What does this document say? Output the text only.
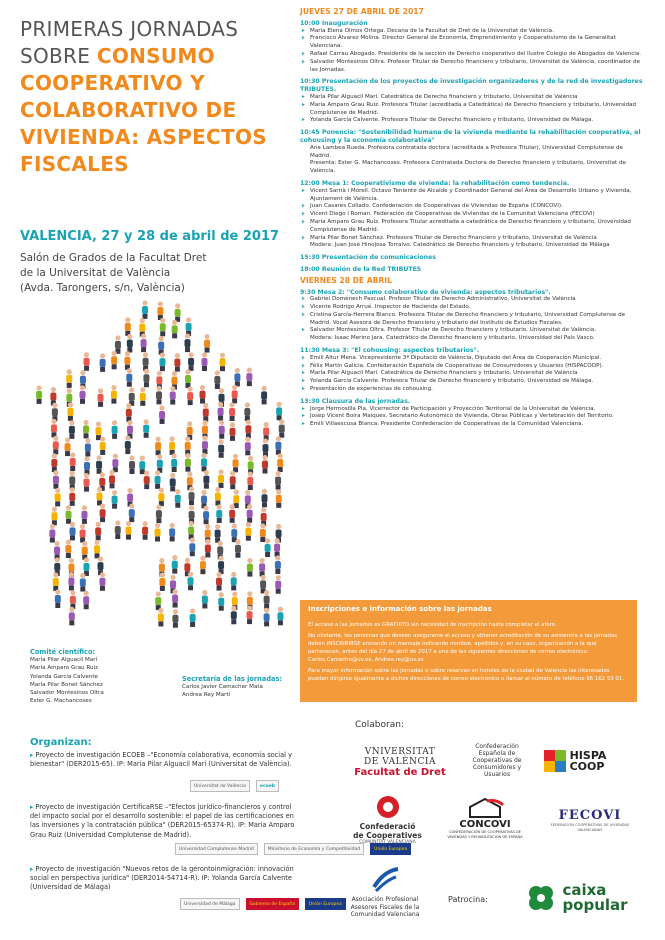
PRIMERAS JORNADAS
SOBRE CONSUMO
COOPERATIVO Y
COLABORATIVO DE
VIVIENDA: ASPECTOS
FISCALES
VALENCIA, 27 y 28 de abril de 2017
Salón de Grados de la Facultat Dret
de la Universitat de València
(Avda. Tarongers, s/n, València)
Comité científico:
María Pilar Alguacil Marí
María Amparo Grau Ruiz
Yolanda García Calvente
María Pilar Bonet Sánchez
Salvador Montesinos Oltra
Ester G. Machancoses
Secretaría de las jornadas:
Carlos Javier Camacher Mata
Andrea Rey Martí
Organizan:
▸ Proyecto de investigación ECOEB –"Economía colaborativa, economía social y bienestar" (DER2015-65). IP: María Pilar Alguacil Marí (Universitat de València).
Universitat de València	ecoeb
▸ Proyecto de investigación CertificaRSE –"Efectos jurídico-financieros y control del impacto social por el desarrollo sostenible: el papel de las certificaciones en las inversiones y la contratación pública" (DER2015-65374-R). IP: María Amparo Grau Ruiz (Universidad Complutense de Madrid).
Universidad Complutense Madrid	Ministerio de Economía y Competitividad	Unión Europea
▸ Proyecto de investigación "Nuevos retos de la gerontoinmigración: innovación social en perspectiva jurídica" (DER2014-54714-R). IP: Yolanda García Calvente (Universidad de Málaga)
Universidad de Málaga	Gobierno de España	Unión Europea
JUEVES 27 DE ABRIL DE 2017
10:00 Inauguración
▸ María Elena Olmos Ortega. Decana de la Facultat de Dret de la Universitat de València.
▸ Francisco Álvarez Molina. Director General de Economía, Emprendimiento y Cooperativismo de la Generalitat Valenciana.
▸ Rafael Carrau Abogado. Presidente de la sección de Derecho cooperativo del Ilustre Colegio de Abogados de Valencia.
▸ Salvador Montesinos Oltra. Profesor Titular de Derecho financiero y tributario, Universitat de València, coordinador de las Jornadas.
10:30 Presentación de los proyectos de investigación organizadores y de la red de investigadores TRIBUTES.
▸ María Pilar Alguacil Marí. Catedrática de Derecho financiero y tributario, Universitat de València
▸ María Amparo Grau Ruiz. Profesora Titular (acreditada a Catedrática) de Derecho financiero y tributario, Universidad Complutense de Madrid.
▸ Yolanda García Calvente. Profesora Titular de Derecho financiero y tributario, Universidad de Málaga.
10:45 Ponencia: "Sostenibilidad humana de la vivienda mediante la rehabilitación cooperativa, el cohousing y la economía colaborativa"
Ana Lambea Rueda. Profesora contratada doctora (acreditada a Profesora Titular), Universidad Complutense de Madrid.
Presenta: Ester G. Machancoses. Profesora Contratada Doctora de Derecho financiero y tributario, Universitat de València.
12:00 Mesa 1: Cooperativismo de vivienda: la rehabilitación como tendencia.
▸ Vicent Sarrià i Morell. Octavo Teniente de Alcalde y Coordinador General del Área de Desarrollo Urbano y Vivienda, Ajuntament de València.
▸ Juan Casares Collado. Confederación de Cooperativas de Viviendas de España (CONCOVI).
▸ Vicent Diego i Roman. Federación de Cooperativas de Viviendas de la Comunitat Valenciana (FECOVI)
▸ María Amparo Grau Ruiz. Profesora Titular acreditada a catedrática de Derecho financiero y tributario, Universidad Complutense de Madrid.
▸ María Pilar Bonet Sánchez. Profesora Titular de Derecho financiero y tributario, Universitat de València
Modera: Juan José Hinojosa Torralvo. Catedrático de Derecho financiero y tributario, Universidad de Málaga
15:30 Presentación de comunicaciones
18:00 Reunión de la Red TRIBUTES
VIERNES 28 DE ABRIL
9:30 Mesa 2: "Consumo colaborativo de vivienda: aspectos tributarios".
▸ Gabriel Doménech Pascual. Profesor Titular de Derecho Administrativo, Universitat de València
▸ Vicente Rodrigo Arrué. Inspector de Hacienda del Estado.
▸ Cristina García-Herrera Blanco. Profesora Titular de Derecho financiero y tributario, Universidad Complutense de Madrid. Vocal Asesora de Derecho financiero y tributario del Instituto de Estudios Fiscales.
▸ Salvador Montesinos Oltra. Profesor Titular de Derecho financiero y tributario, Universitat de València.
Modera: Isaac Merino Jara. Catedrático de Derecho financiero y tributario, Universidad del País Vasco.
11:30 Mesa 3: "El cohousing: aspectos tributarios".
▸ Emili Altur Mena. Vicepresidente 3ª Diputació de València, Diputado del Área de Cooperación Municipal.
▸ Félix Martín Galicia. Confederación Española de Cooperativas de Consumidores y Usuarios (HISPACOOP).
▸ María Pilar Alguacil Marí. Catedrática de Derecho financiero y tributario, Universitat de València
▸ Yolanda García Calvente. Profesora Titular de Derecho financiero y tributario, Universidad de Málaga.
▸ Presentación de experiencias de cohousing.
13:30 Clausura de las jornadas.
▸ Jorge Hermosilla Pla. Vicerrector de Participación y Proyección Territorial de la Universitat de València.
▸ Josep Vicent Boira Maiques. Secretario Autonómico de Vivienda, Obras Públicas y Vertebración del Territorio.
▸ Emili Villaescusa Blanca. Presidente Confederación de Cooperativas de la Comunidad Valenciana.
Inscripciones e información sobre las jornadas

El acceso a las jornadas es GRATUITO sin necesidad de inscripción hasta completar el aforo.

No obstante, las personas que deseen asegurarse el acceso y obtener acreditación de su asistencia a las jornadas deben INSCRIBIRSE enviando un mensaje indicando nombre, apellidos y, en su caso, organización a la que pertenecen, antes del día 27 de abril de 2017 a uno de las siguientes direcciones de correo electrónico: Carlos.Camacho@uv.es, Andrea.rey@uv.es

Para mayor información sobre las jornadas o sobre reservas en hoteles de la ciudad de Valencia las interesados pueden dirigirse igualmente a dichos direcciones de correo electrónico o llamar al número de teléfono 96 162 53 01.

Colaboran:
VNIVERSITAT
DE VALÈNCIA
Facultat de Dret
Confederación Española de Cooperativas de Consumidores y Usuarios
HISPA
COOP
Confederació
de Cooperatives
COMUNITAT VALENCIANA
CONCOVI
CONFEDERACIÓN DE COOPERATIVAS DE VIVIENDAS Y REHABILITACIÓN DE ESPAÑA
FECOVI
FEDERACIÓN COOPERATIVAS DE VIVIENDAS VALENCIANAS
Asociación Profesional Asesores Fiscales de la Comunidad Valenciana
Patrocina:
caixa
popular
